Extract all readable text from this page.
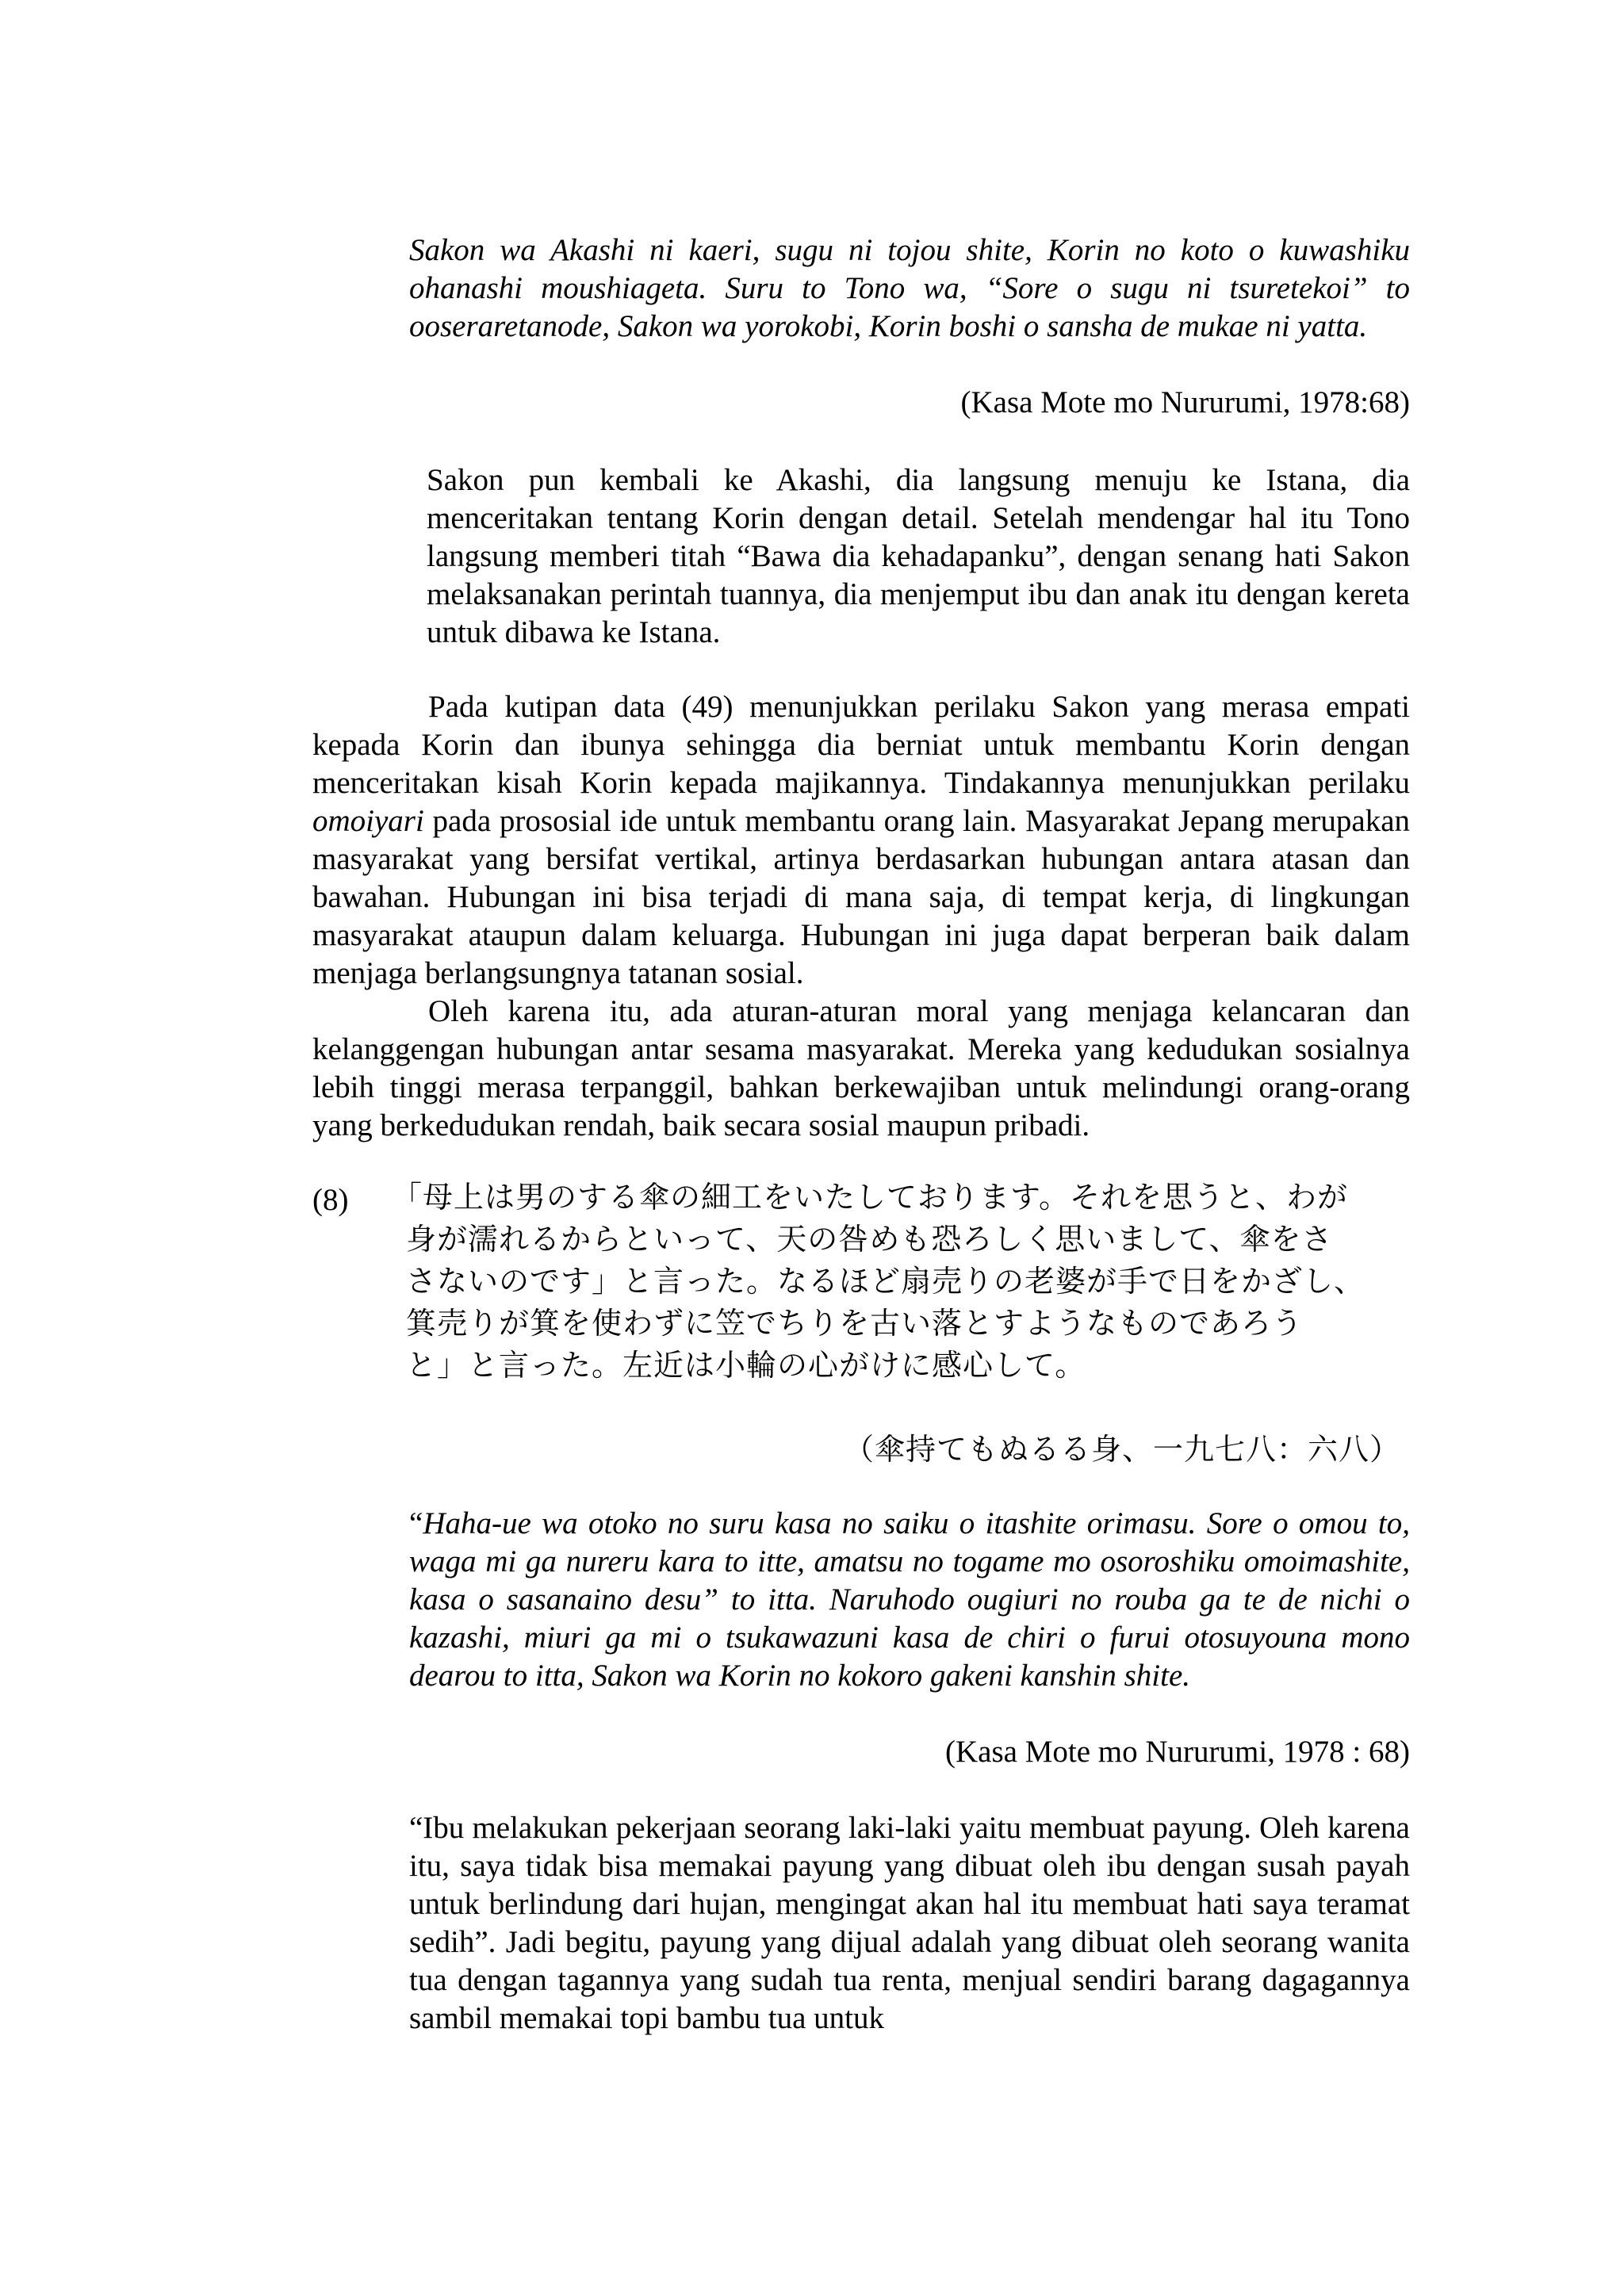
Sakon wa Akashi ni kaeri, sugu ni tojou shite, Korin no koto o kuwashiku ohanashi moushiageta. Suru to Tono wa, “Sore o sugu ni tsuretekoi” to ooseraretanode, Sakon wa yorokobi, Korin boshi o sansha de mukae ni yatta.

(Kasa Mote mo Nururumi, 1978:68)

Sakon pun kembali ke Akashi, dia langsung menuju ke Istana, dia menceritakan tentang Korin dengan detail. Setelah mendengar hal itu Tono langsung memberi titah “Bawa dia kehadapanku”, dengan senang hati Sakon melaksanakan perintah tuannya, dia menjemput ibu dan anak itu dengan kereta untuk dibawa ke Istana.

Pada kutipan data (49) menunjukkan perilaku Sakon yang merasa empati kepada Korin dan ibunya sehingga dia berniat untuk membantu Korin dengan menceritakan kisah Korin kepada majikannya. Tindakannya menunjukkan perilaku omoiyari pada prososial ide untuk membantu orang lain. Masyarakat Jepang merupakan masyarakat yang bersifat vertikal, artinya berdasarkan hubungan antara atasan dan bawahan. Hubungan ini bisa terjadi di mana saja, di tempat kerja, di lingkungan masyarakat ataupun dalam keluarga. Hubungan ini juga dapat berperan baik dalam menjaga berlangsungnya tatanan sosial.

Oleh karena itu, ada aturan-aturan moral yang menjaga kelancaran dan kelanggengan hubungan antar sesama masyarakat. Mereka yang kedudukan sosialnya lebih tinggi merasa terpanggil, bahkan berkewajiban untuk melindungi orang-orang yang berkedudukan rendah, baik secara sosial maupun pribadi.

(8) 「母上は男のする傘の細工をいたしております。それを思うと、わが
身が濡れるからといって、天の咎めも恐ろしく思いまして、傘をさ
さないのです」と言った。なるほど扇売りの老婆が手で日をかざし、
箕売りが箕を使わずに笠でちりを古い落とすようなものであろう
と」と言った。左近は小輪の心がけに感心して。
（傘持てもぬるる身、一九七八：六八）

“Haha-ue wa otoko no suru kasa no saiku o itashite orimasu. Sore o omou to, waga mi ga nureru kara to itte, amatsu no togame mo osoroshiku omoimashite, kasa o sasanaino desu” to itta. Naruhodo ougiuri no rouba ga te de nichi o kazashi, miuri ga mi o tsukawazuni kasa de chiri o furui otosuyouna mono dearou to itta, Sakon wa Korin no kokoro gakeni kanshin shite.

(Kasa Mote mo Nururumi, 1978 : 68)

“Ibu melakukan pekerjaan seorang laki-laki yaitu membuat payung. Oleh karena itu, saya tidak bisa memakai payung yang dibuat oleh ibu dengan susah payah untuk berlindung dari hujan, mengingat akan hal itu membuat hati saya teramat sedih”. Jadi begitu, payung yang dijual adalah yang dibuat oleh seorang wanita tua dengan tagannya yang sudah tua renta, menjual sendiri barang dagagannya sambil memakai topi bambu tua untuk
